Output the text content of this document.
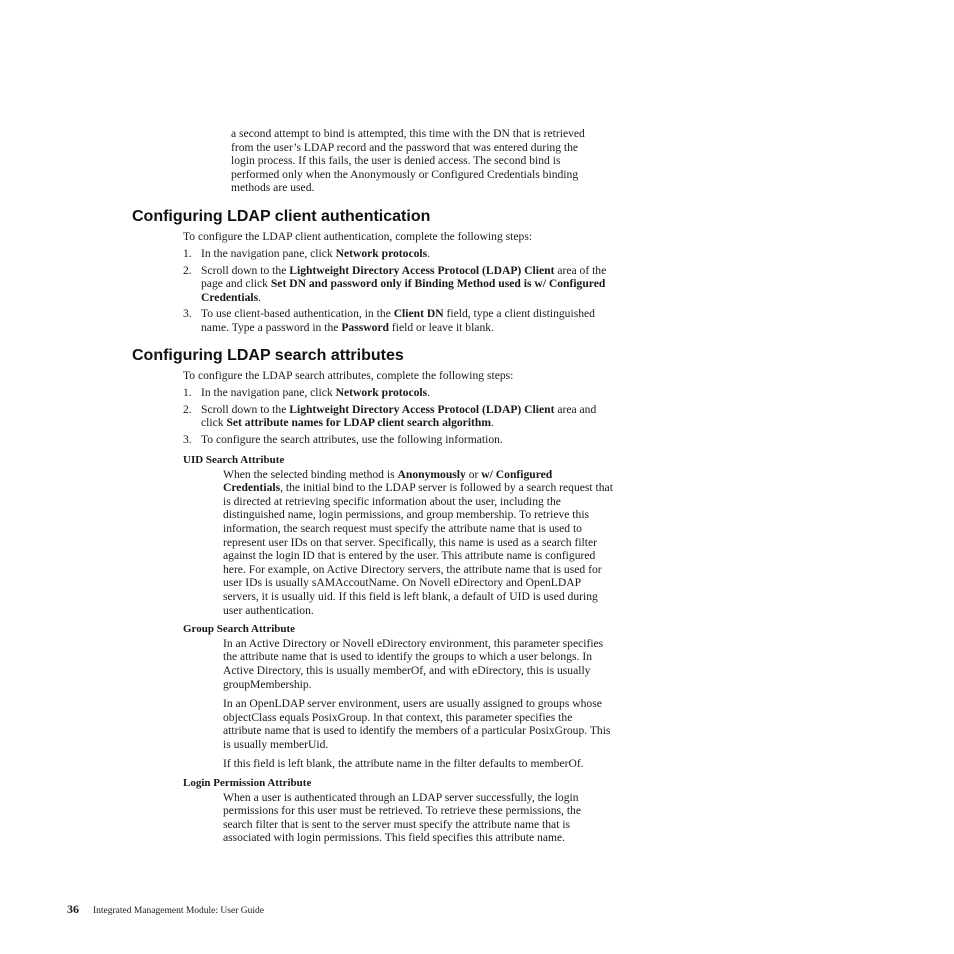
a second attempt to bind is attempted, this time with the DN that is retrieved from the user’s LDAP record and the password that was entered during the login process. If this fails, the user is denied access. The second bind is performed only when the Anonymously or Configured Credentials binding methods are used.

Configuring LDAP client authentication
To configure the LDAP client authentication, complete the following steps:
1. In the navigation pane, click Network protocols.
2. Scroll down to the Lightweight Directory Access Protocol (LDAP) Client area of the page and click Set DN and password only if Binding Method used is w/ Configured Credentials.
3. To use client-based authentication, in the Client DN field, type a client distinguished name. Type a password in the Password field or leave it blank.
Configuring LDAP search attributes
To configure the LDAP search attributes, complete the following steps:
1. In the navigation pane, click Network protocols.
2. Scroll down to the Lightweight Directory Access Protocol (LDAP) Client area and click Set attribute names for LDAP client search algorithm.
3. To configure the search attributes, use the following information.
UID Search Attribute

When the selected binding method is Anonymously or w/ Configured Credentials, the initial bind to the LDAP server is followed by a search request that is directed at retrieving specific information about the user, including the distinguished name, login permissions, and group membership. To retrieve this information, the search request must specify the attribute name that is used to represent user IDs on that server. Specifically, this name is used as a search filter against the login ID that is entered by the user. This attribute name is configured here. For example, on Active Directory servers, the attribute name that is used for user IDs is usually sAMAccoutName. On Novell eDirectory and OpenLDAP servers, it is usually uid. If this field is left blank, a default of UID is used during user authentication.

Group Search Attribute

In an Active Directory or Novell eDirectory environment, this parameter specifies the attribute name that is used to identify the groups to which a user belongs. In Active Directory, this is usually memberOf, and with eDirectory, this is usually groupMembership.

In an OpenLDAP server environment, users are usually assigned to groups whose objectClass equals PosixGroup. In that context, this parameter specifies the attribute name that is used to identify the members of a particular PosixGroup. This is usually memberUid.

If this field is left blank, the attribute name in the filter defaults to memberOf.

Login Permission Attribute

When a user is authenticated through an LDAP server successfully, the login permissions for this user must be retrieved. To retrieve these permissions, the search filter that is sent to the server must specify the attribute name that is associated with login permissions. This field specifies this attribute name.

36 Integrated Management Module: User Guide
